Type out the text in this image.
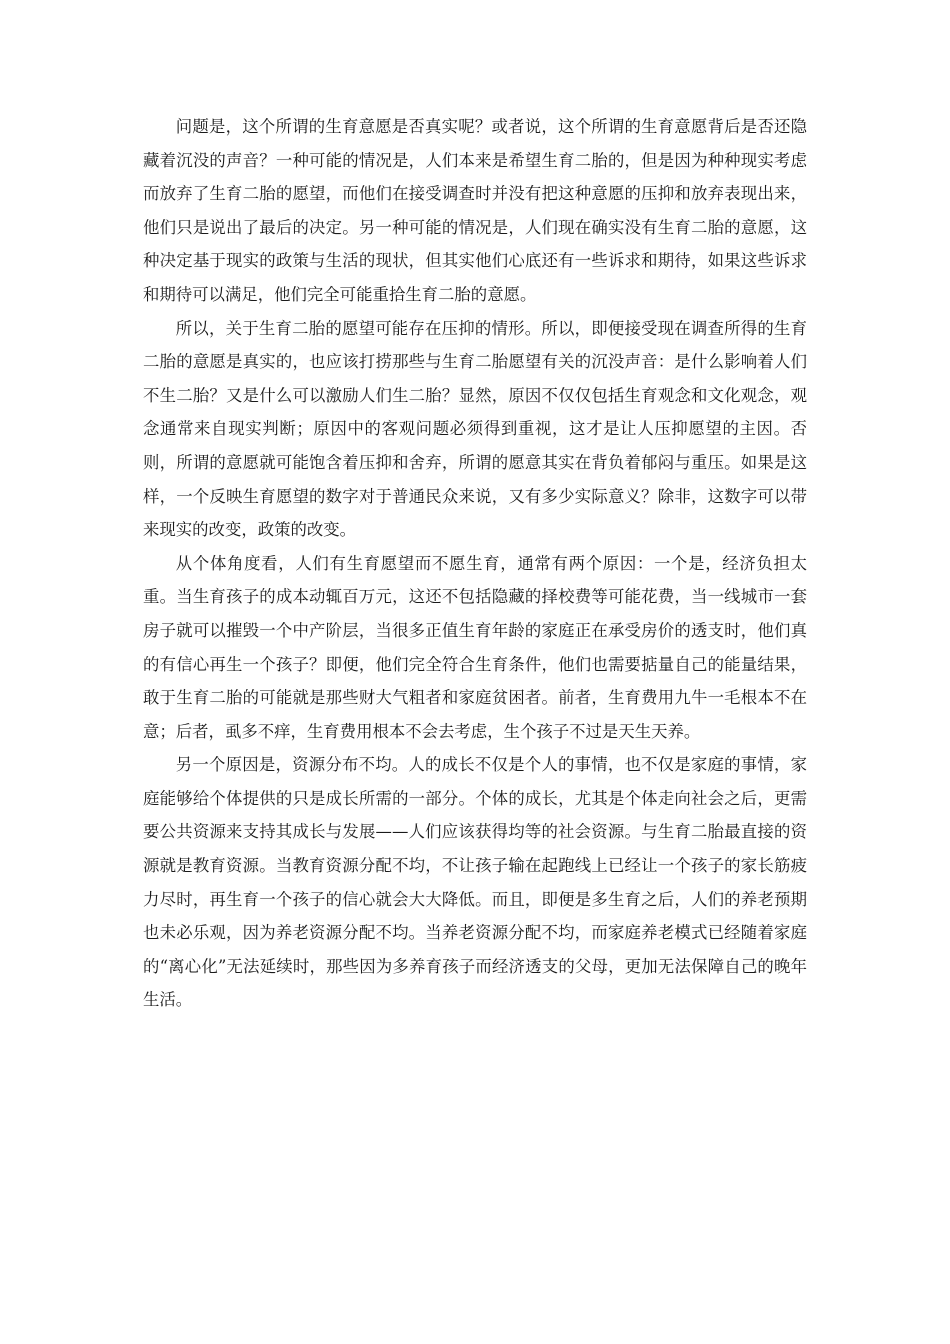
问题是，这个所谓的生育意愿是否真实呢？或者说，这个所谓的生育意愿背后是否还隐藏着沉没的声音？一种可能的情况是，人们本来是希望生育二胎的，但是因为种种现实考虑而放弃了生育二胎的愿望，而他们在接受调查时并没有把这种意愿的压抑和放弃表现出来，他们只是说出了最后的决定。另一种可能的情况是，人们现在确实没有生育二胎的意愿，这种决定基于现实的政策与生活的现状，但其实他们心底还有一些诉求和期待，如果这些诉求和期待可以满足，他们完全可能重拾生育二胎的意愿。

所以，关于生育二胎的愿望可能存在压抑的情形。所以，即便接受现在调查所得的生育二胎的意愿是真实的，也应该打捞那些与生育二胎愿望有关的沉没声音：是什么影响着人们不生二胎？又是什么可以激励人们生二胎？显然，原因不仅仅包括生育观念和文化观念，观念通常来自现实判断；原因中的客观问题必须得到重视，这才是让人压抑愿望的主因。否则，所谓的意愿就可能饱含着压抑和舍弃，所谓的愿意其实在背负着郁闷与重压。如果是这样，一个反映生育愿望的数字对于普通民众来说，又有多少实际意义？除非，这数字可以带来现实的改变，政策的改变。

从个体角度看，人们有生育愿望而不愿生育，通常有两个原因：一个是，经济负担太重。当生育孩子的成本动辄百万元，这还不包括隐藏的择校费等可能花费，当一线城市一套房子就可以摧毁一个中产阶层，当很多正值生育年龄的家庭正在承受房价的透支时，他们真的有信心再生一个孩子？即便，他们完全符合生育条件，他们也需要掂量自己的能量结果，敢于生育二胎的可能就是那些财大气粗者和家庭贫困者。前者，生育费用九牛一毛根本不在意；后者，虱多不痒，生育费用根本不会去考虑，生个孩子不过是天生天养。

另一个原因是，资源分布不均。人的成长不仅是个人的事情，也不仅是家庭的事情，家庭能够给个体提供的只是成长所需的一部分。个体的成长，尤其是个体走向社会之后，更需要公共资源来支持其成长与发展——人们应该获得均等的社会资源。与生育二胎最直接的资源就是教育资源。当教育资源分配不均，不让孩子输在起跑线上已经让一个孩子的家长筋疲力尽时，再生育一个孩子的信心就会大大降低。而且，即便是多生育之后，人们的养老预期也未必乐观，因为养老资源分配不均。当养老资源分配不均，而家庭养老模式已经随着家庭的“离心化”无法延续时，那些因为多养育孩子而经济透支的父母，更加无法保障自己的晚年生活。
